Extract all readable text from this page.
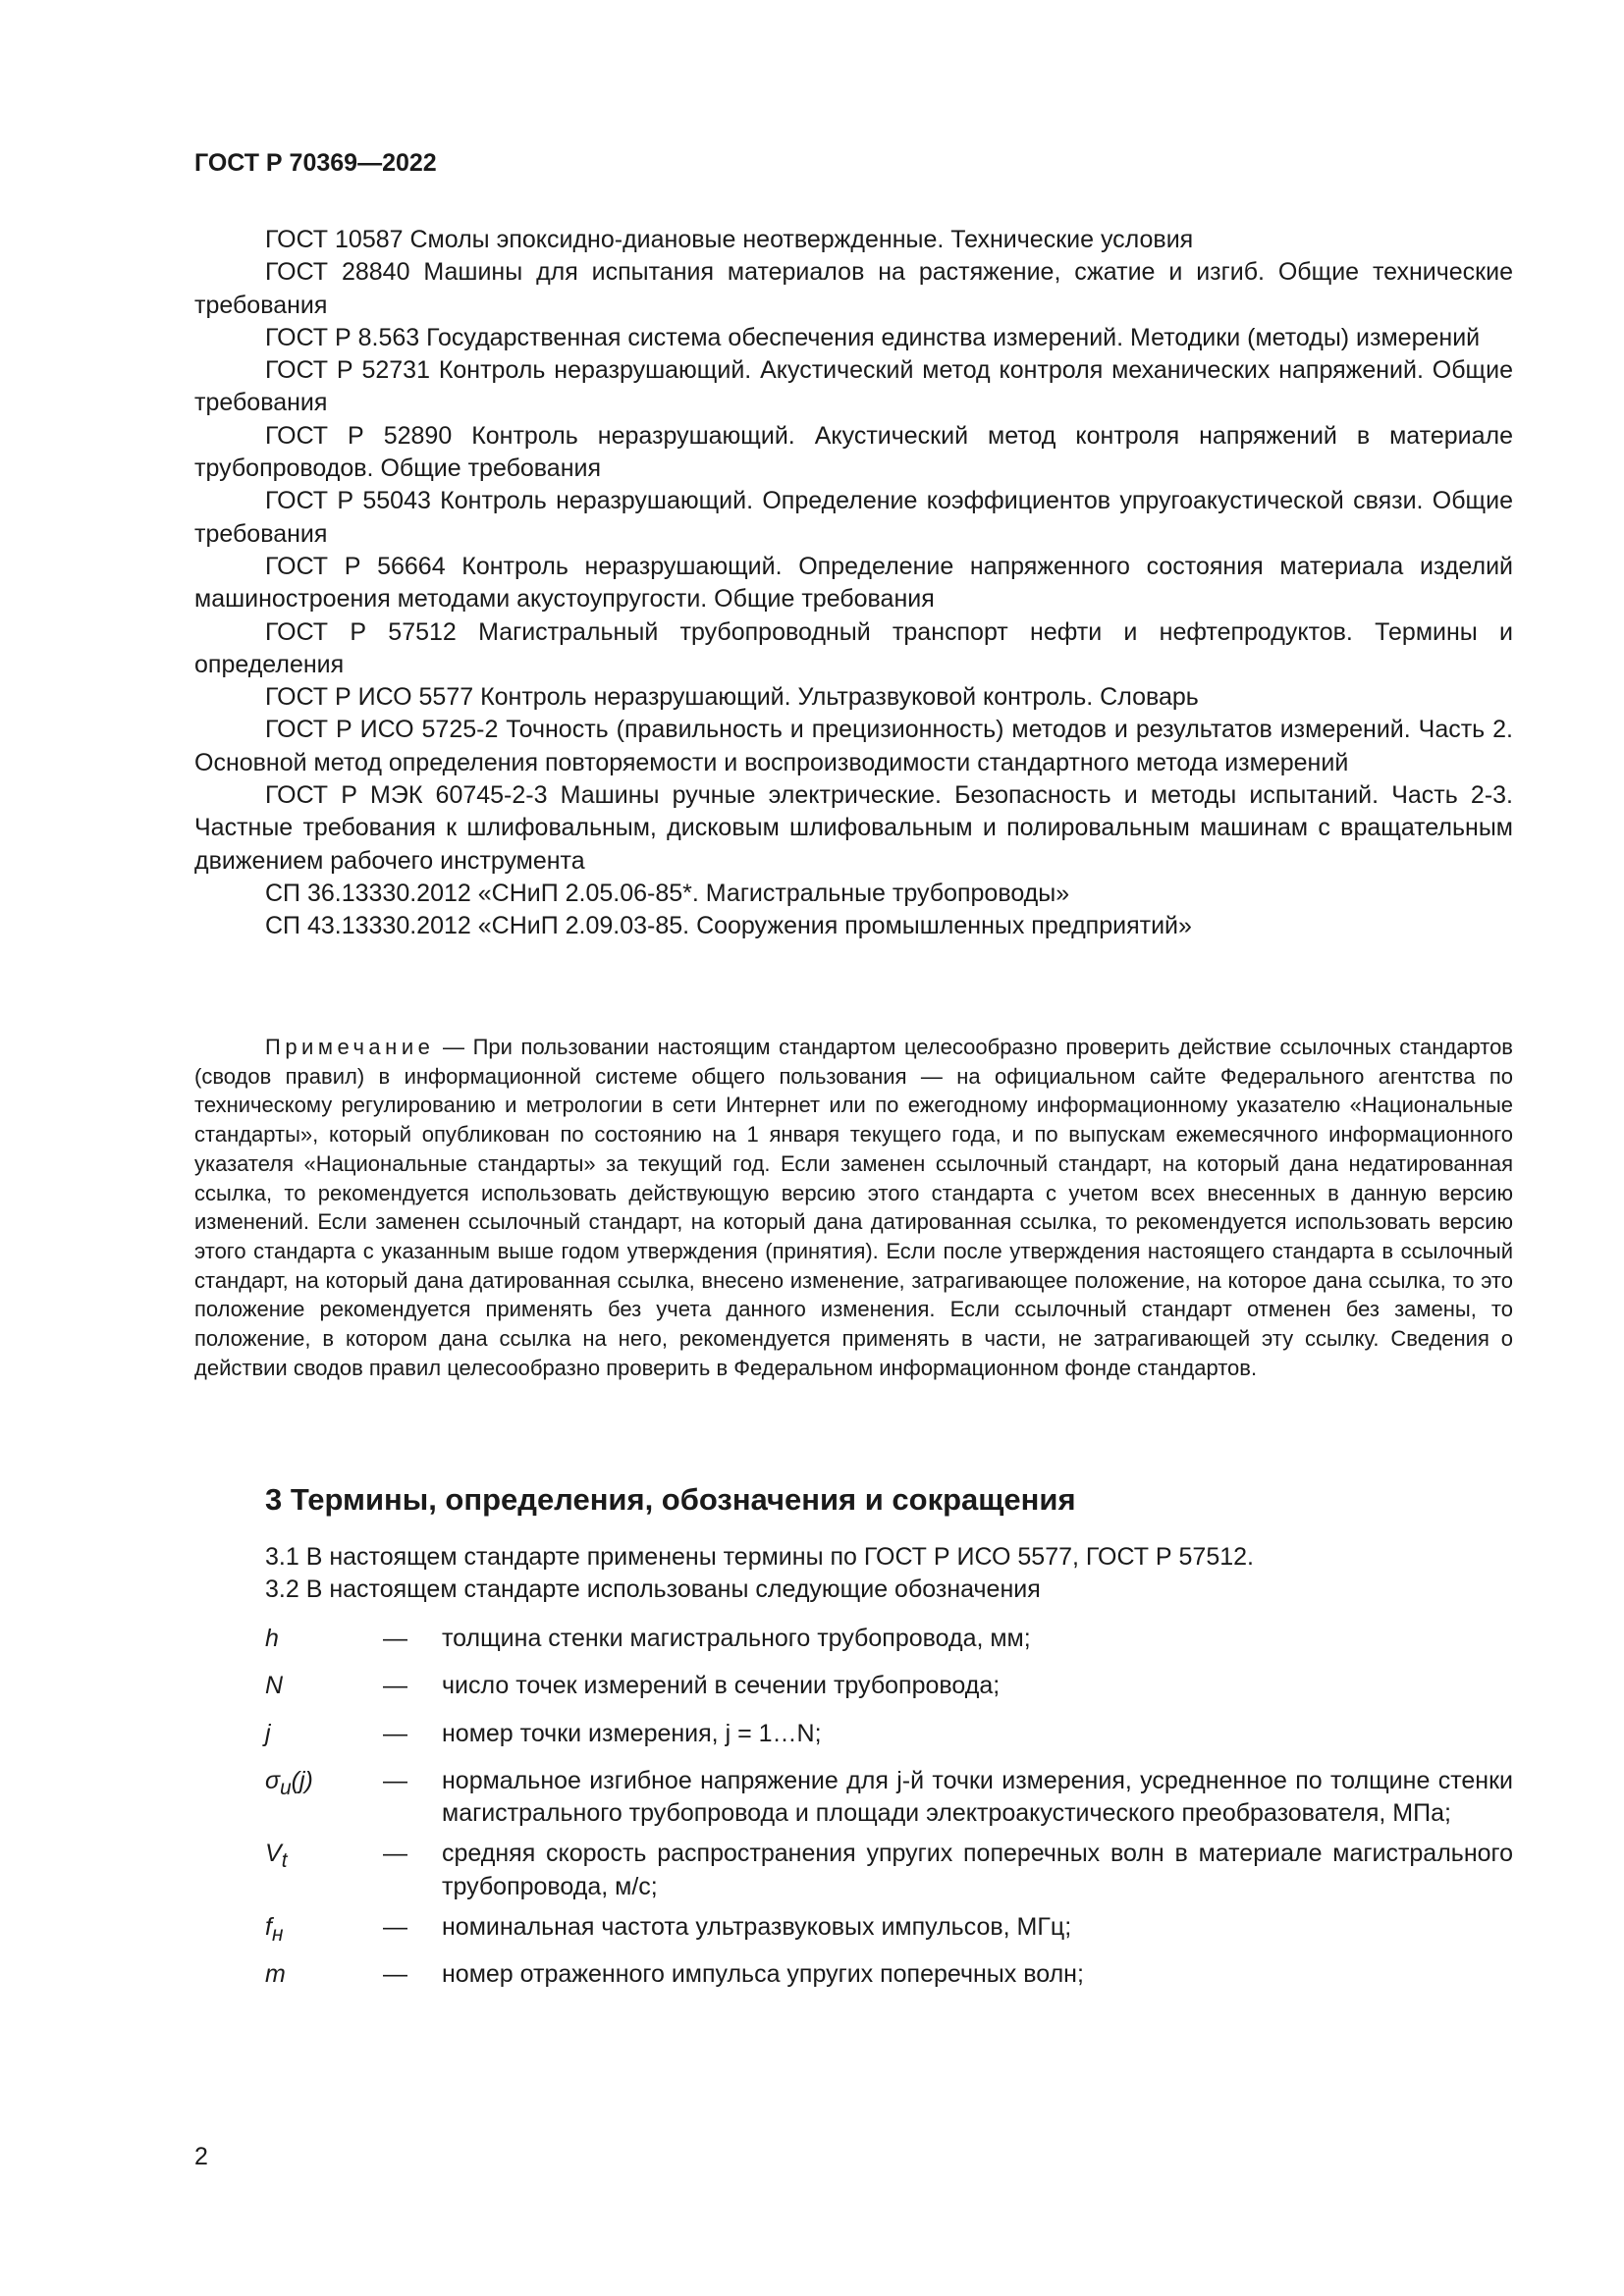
ГОСТ Р 70369—2022

ГОСТ 10587 Смолы эпоксидно-диановые неотвержденные. Технические условия

ГОСТ 28840 Машины для испытания материалов на растяжение, сжатие и изгиб. Общие технические требования

ГОСТ Р 8.563 Государственная система обеспечения единства измерений. Методики (методы) измерений

ГОСТ Р 52731 Контроль неразрушающий. Акустический метод контроля механических напряжений. Общие требования

ГОСТ Р 52890 Контроль неразрушающий. Акустический метод контроля напряжений в материале трубопроводов. Общие требования

ГОСТ Р 55043 Контроль неразрушающий. Определение коэффициентов упругоакустической связи. Общие требования

ГОСТ Р 56664 Контроль неразрушающий. Определение напряженного состояния материала изделий машиностроения методами акустоупругости. Общие требования

ГОСТ Р 57512 Магистральный трубопроводный транспорт нефти и нефтепродуктов. Термины и определения

ГОСТ Р ИСО 5577 Контроль неразрушающий. Ультразвуковой контроль. Словарь

ГОСТ Р ИСО 5725-2 Точность (правильность и прецизионность) методов и результатов измерений. Часть 2. Основной метод определения повторяемости и воспроизводимости стандартного метода измерений

ГОСТ Р МЭК 60745-2-3 Машины ручные электрические. Безопасность и методы испытаний. Часть 2-3. Частные требования к шлифовальным, дисковым шлифовальным и полировальным машинам с вращательным движением рабочего инструмента

СП 36.13330.2012 «СНиП 2.05.06-85*. Магистральные трубопроводы»

СП 43.13330.2012 «СНиП 2.09.03-85. Сооружения промышленных предприятий»

Примечание — При пользовании настоящим стандартом целесообразно проверить действие ссылочных стандартов (сводов правил) в информационной системе общего пользования — на официальном сайте Федерального агентства по техническому регулированию и метрологии в сети Интернет или по ежегодному информационному указателю «Национальные стандарты», который опубликован по состоянию на 1 января текущего года, и по выпускам ежемесячного информационного указателя «Национальные стандарты» за текущий год. Если заменен ссылочный стандарт, на который дана недатированная ссылка, то рекомендуется использовать действующую версию этого стандарта с учетом всех внесенных в данную версию изменений. Если заменен ссылочный стандарт, на который дана датированная ссылка, то рекомендуется использовать версию этого стандарта с указанным выше годом утверждения (принятия). Если после утверждения настоящего стандарта в ссылочный стандарт, на который дана датированная ссылка, внесено изменение, затрагивающее положение, на которое дана ссылка, то это положение рекомендуется применять без учета данного изменения. Если ссылочный стандарт отменен без замены, то положение, в котором дана ссылка на него, рекомендуется применять в части, не затрагивающей эту ссылку. Сведения о действии сводов правил целесообразно проверить в Федеральном информационном фонде стандартов.

3 Термины, определения, обозначения и сокращения

3.1 В настоящем стандарте применены термины по ГОСТ Р ИСО 5577, ГОСТ Р 57512.

3.2 В настоящем стандарте использованы следующие обозначения

h	—	толщина стенки магистрального трубопровода, мм;
N	—	число точек измерений в сечении трубопровода;
j	—	номер точки измерения, j = 1…N;
$\sigma_и(j)$	—	нормальное изгибное напряжение для j-й точки измерения, усредненное по толщине стенки магистрального трубопровода и площади электроакустического преобразователя, МПа;
$V_t$	—	средняя скорость распространения упругих поперечных волн в материале магистрального трубопровода, м/с;
$f_н$	—	номинальная частота ультразвуковых импульсов, МГц;
m	—	номер отраженного импульса упругих поперечных волн;
2
